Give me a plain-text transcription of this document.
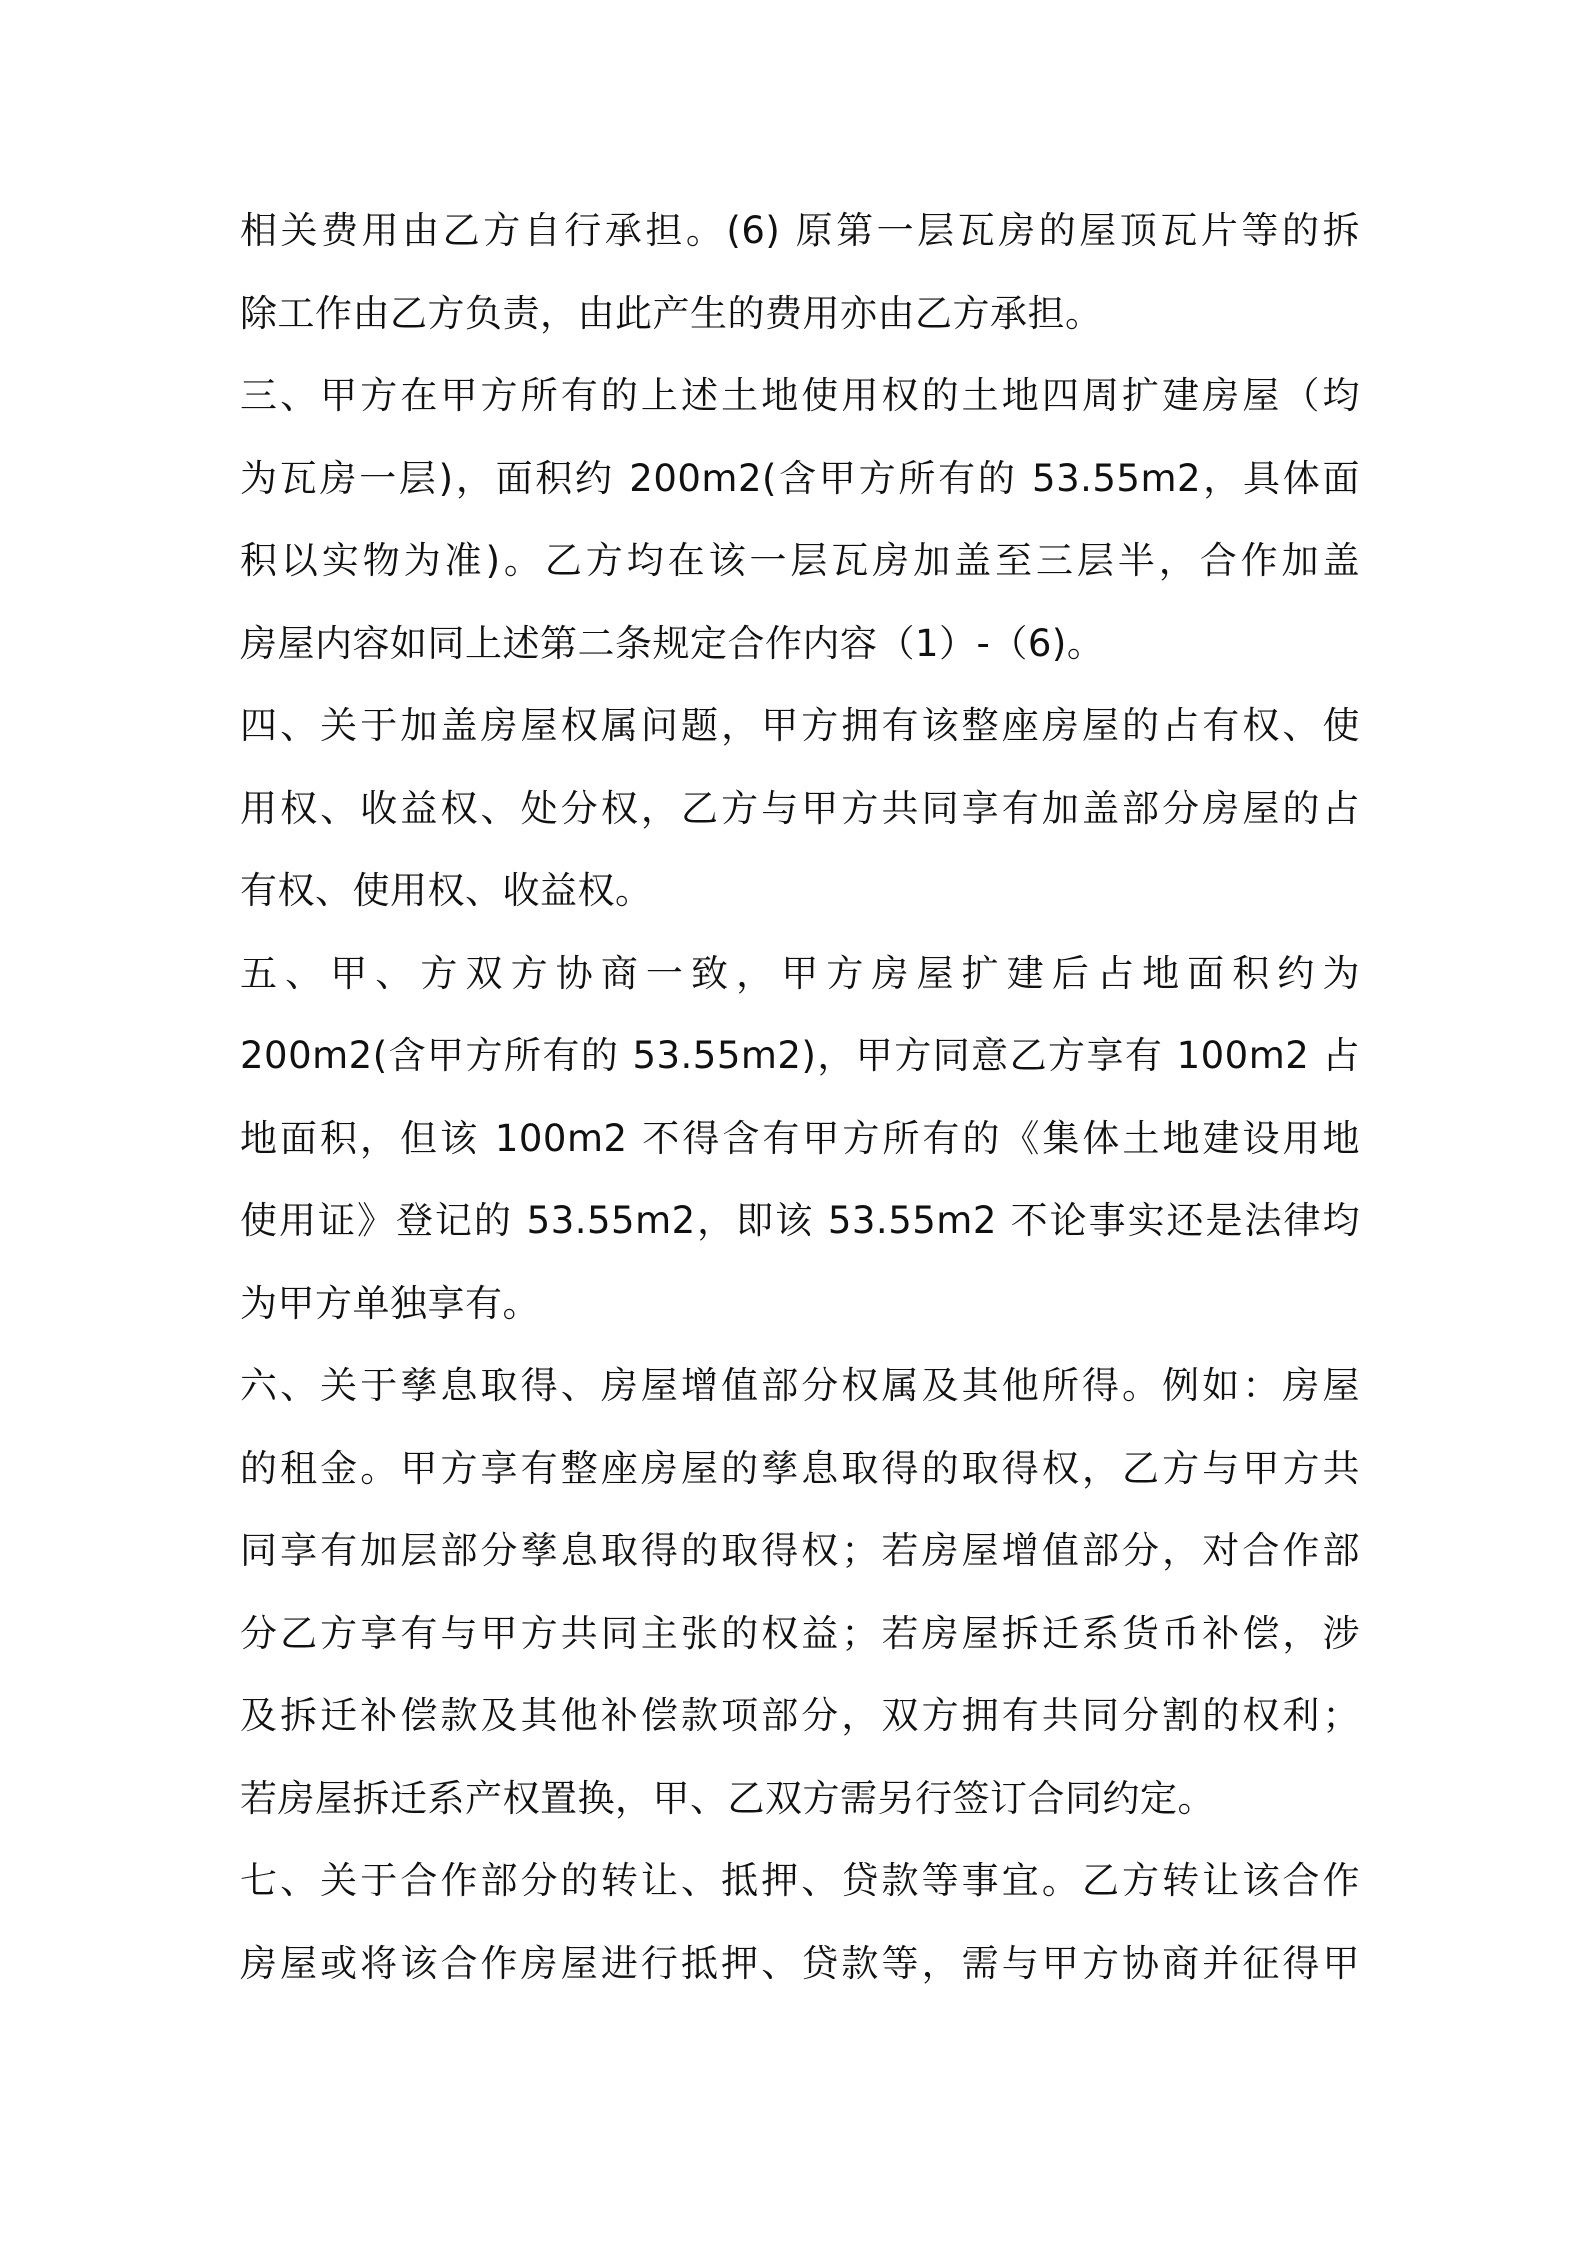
相关费用由乙方自行承担。(6) 原第一层瓦房的屋顶瓦片等的拆
除工作由乙方负责，由此产生的费用亦由乙方承担。
三、甲方在甲方所有的上述土地使用权的土地四周扩建房屋（均
为瓦房一层)，面积约 200m2(含甲方所有的 53.55m2，具体面
积以实物为准)。乙方均在该一层瓦房加盖至三层半，合作加盖
房屋内容如同上述第二条规定合作内容（1）-（6)。
四、关于加盖房屋权属问题，甲方拥有该整座房屋的占有权、使
用权、收益权、处分权，乙方与甲方共同享有加盖部分房屋的占
有权、使用权、收益权。
五、甲、方双方协商一致，甲方房屋扩建后占地面积约为
200m2(含甲方所有的 53.55m2)，甲方同意乙方享有 100m2 占
地面积，但该 100m2 不得含有甲方所有的《集体土地建设用地
使用证》登记的 53.55m2，即该 53.55m2 不论事实还是法律均
为甲方单独享有。
六、关于孳息取得、房屋增值部分权属及其他所得。例如：房屋
的租金。甲方享有整座房屋的孳息取得的取得权，乙方与甲方共
同享有加层部分孳息取得的取得权；若房屋增值部分，对合作部
分乙方享有与甲方共同主张的权益；若房屋拆迁系货币补偿，涉
及拆迁补偿款及其他补偿款项部分，双方拥有共同分割的权利；
若房屋拆迁系产权置换，甲、乙双方需另行签订合同约定。
七、关于合作部分的转让、抵押、贷款等事宜。乙方转让该合作
房屋或将该合作房屋进行抵押、贷款等，需与甲方协商并征得甲
